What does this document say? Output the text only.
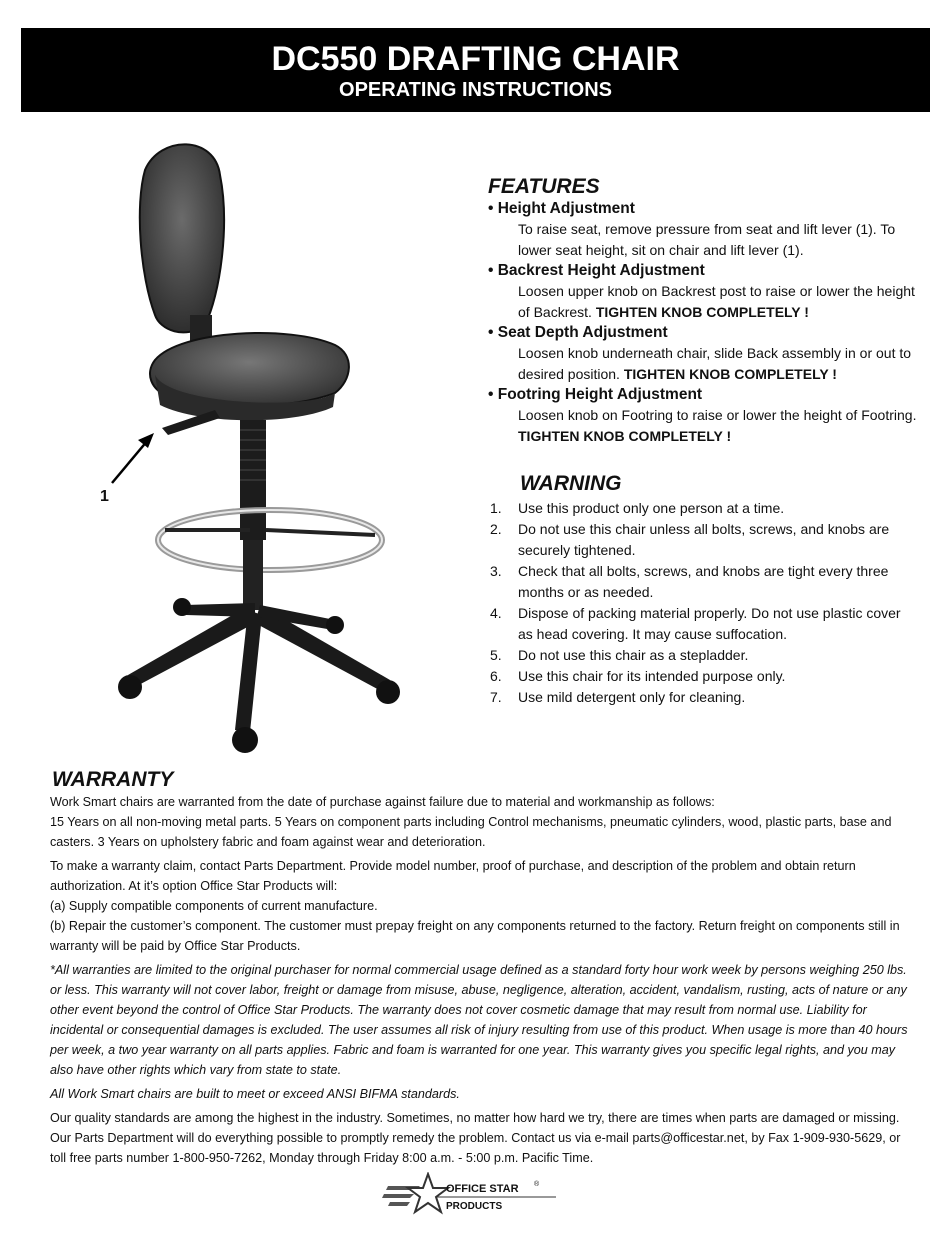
DC550 DRAFTING CHAIR
OPERATING INSTRUCTIONS
1
FEATURES
• Height Adjustment
To raise seat, remove pressure from seat and lift lever (1). To lower seat height, sit on chair and lift lever (1).
• Backrest Height Adjustment
Loosen upper knob on Backrest post to raise or lower the height of Backrest. TIGHTEN KNOB COMPLETELY !
• Seat Depth Adjustment
Loosen knob underneath chair, slide Back assembly in or out to desired position. TIGHTEN KNOB COMPLETELY !
• Footring Height Adjustment
Loosen knob on Footring to raise or lower the height of Footring. TIGHTEN KNOB COMPLETELY !
WARNING
1. Use this product only one person at a time.
2. Do not use this chair unless all bolts, screws, and knobs are securely tightened.
3. Check that all bolts, screws, and knobs are tight every three months or as needed.
4. Dispose of packing material properly. Do not use plastic cover as head covering. It may cause suffocation.
5. Do not use this chair as a stepladder.
6. Use this chair for its intended purpose only.
7. Use mild detergent only for cleaning.
WARRANTY

Work Smart chairs are warranted from the date of purchase against failure due to material and workmanship as follows:
15 Years on all non-moving metal parts. 5 Years on component parts including Control mechanisms, pneumatic cylinders, wood, plastic parts, base and casters. 3 Years on upholstery fabric and foam against wear and deterioration.

To make a warranty claim, contact Parts Department. Provide model number, proof of purchase, and description of the problem and obtain return authorization. At it’s option Office Star Products will:
(a) Supply compatible components of current manufacture.
(b) Repair the customer’s component. The customer must prepay freight on any components returned to the factory. Return freight on components still in warranty will be paid by Office Star Products.

*All warranties are limited to the original purchaser for normal commercial usage defined as a standard forty hour work week by persons weighing 250 lbs. or less. This warranty will not cover labor, freight or damage from misuse, abuse, negligence, alteration, accident, vandalism, rusting, acts of nature or any other event beyond the control of Office Star Products. The warranty does not cover cosmetic damage that may result from normal use. Liability for incidental or consequential damages is excluded. The user assumes all risk of injury resulting from use of this product. When usage is more than 40 hours per week, a two year warranty on all parts applies. Fabric and foam is warranted for one year. This warranty gives you specific legal rights, and you may also have other rights which vary from state to state.

All Work Smart chairs are built to meet or exceed ANSI BIFMA standards.

Our quality standards are among the highest in the industry. Sometimes, no matter how hard we try, there are times when parts are damaged or missing. Our Parts Department will do everything possible to promptly remedy the problem. Contact us via e-mail parts@officestar.net, by Fax 1-909-930-5629, or toll free parts number 1-800-950-7262, Monday through Friday 8:00 a.m. - 5:00 p.m. Pacific Time.

OFFICE STAR ®
PRODUCTS
